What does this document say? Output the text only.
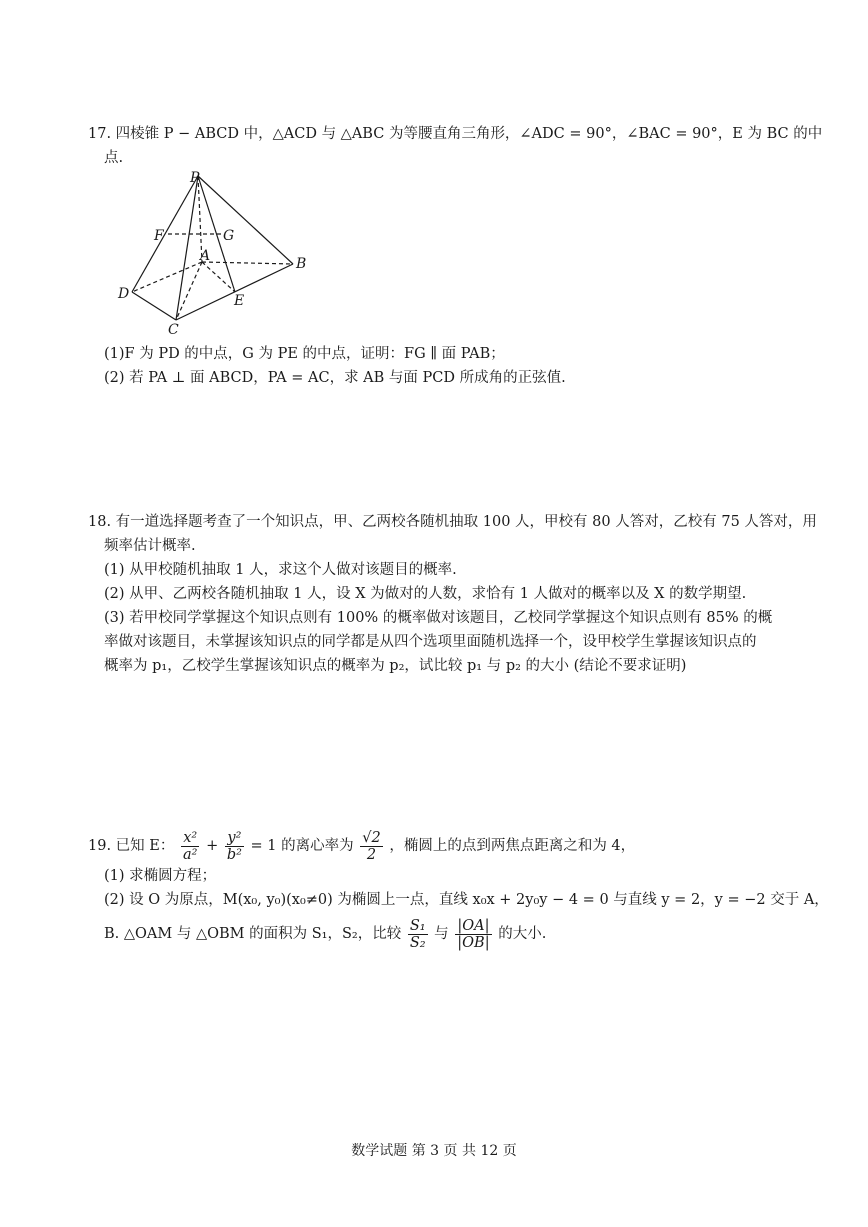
17. 四棱锥 P − ABCD 中，△ACD 与 △ABC 为等腰直角三角形，∠ADC = 90°，∠BAC = 90°，E 为 BC 的中
点.
P
F	G
A	B
D	E
C
(1)F 为 PD 的中点，G 为 PE 的中点，证明：FG ∥ 面 PAB；
(2) 若 PA ⊥ 面 ABCD，PA = AC，求 AB 与面 PCD 所成角的正弦值.
18. 有一道选择题考查了一个知识点，甲、乙两校各随机抽取 100 人，甲校有 80 人答对，乙校有 75 人答对，用
频率估计概率.
(1) 从甲校随机抽取 1 人，求这个人做对该题目的概率.
(2) 从甲、乙两校各随机抽取 1 人，设 X 为做对的人数，求恰有 1 人做对的概率以及 X 的数学期望.
(3) 若甲校同学掌握这个知识点则有 100% 的概率做对该题目，乙校同学掌握这个知识点则有 85% 的概
率做对该题目，未掌握该知识点的同学都是从四个选项里面随机选择一个，设甲校学生掌握该知识点的
概率为 p₁，乙校学生掌握该知识点的概率为 p₂，试比较 p₁ 与 p₂ 的大小 (结论不要求证明)
19. 已知 E： $\frac{\text{x²}}{\text{a²}} + \frac{\text{y²}}{\text{b²}} = 1$ 的离心率为 $\frac{√2}{2}$ ，椭圆上的点到两焦点距离之和为 4，
(1) 求椭圆方程；
(2) 设 O 为原点，M(x₀, y₀)(x₀≠0) 为椭圆上一点，直线 x₀x + 2y₀y − 4 = 0 与直线 y = 2，y = −2 交于 A，
B. △OAM 与 △OBM 的面积为 S₁，S₂，比较 $\frac{\text{S₁}}{\text{S₂}}$ 与 $\frac{|OA|}{|OB|}$ 的大小.
数学试题 第 3 页 共 12 页
